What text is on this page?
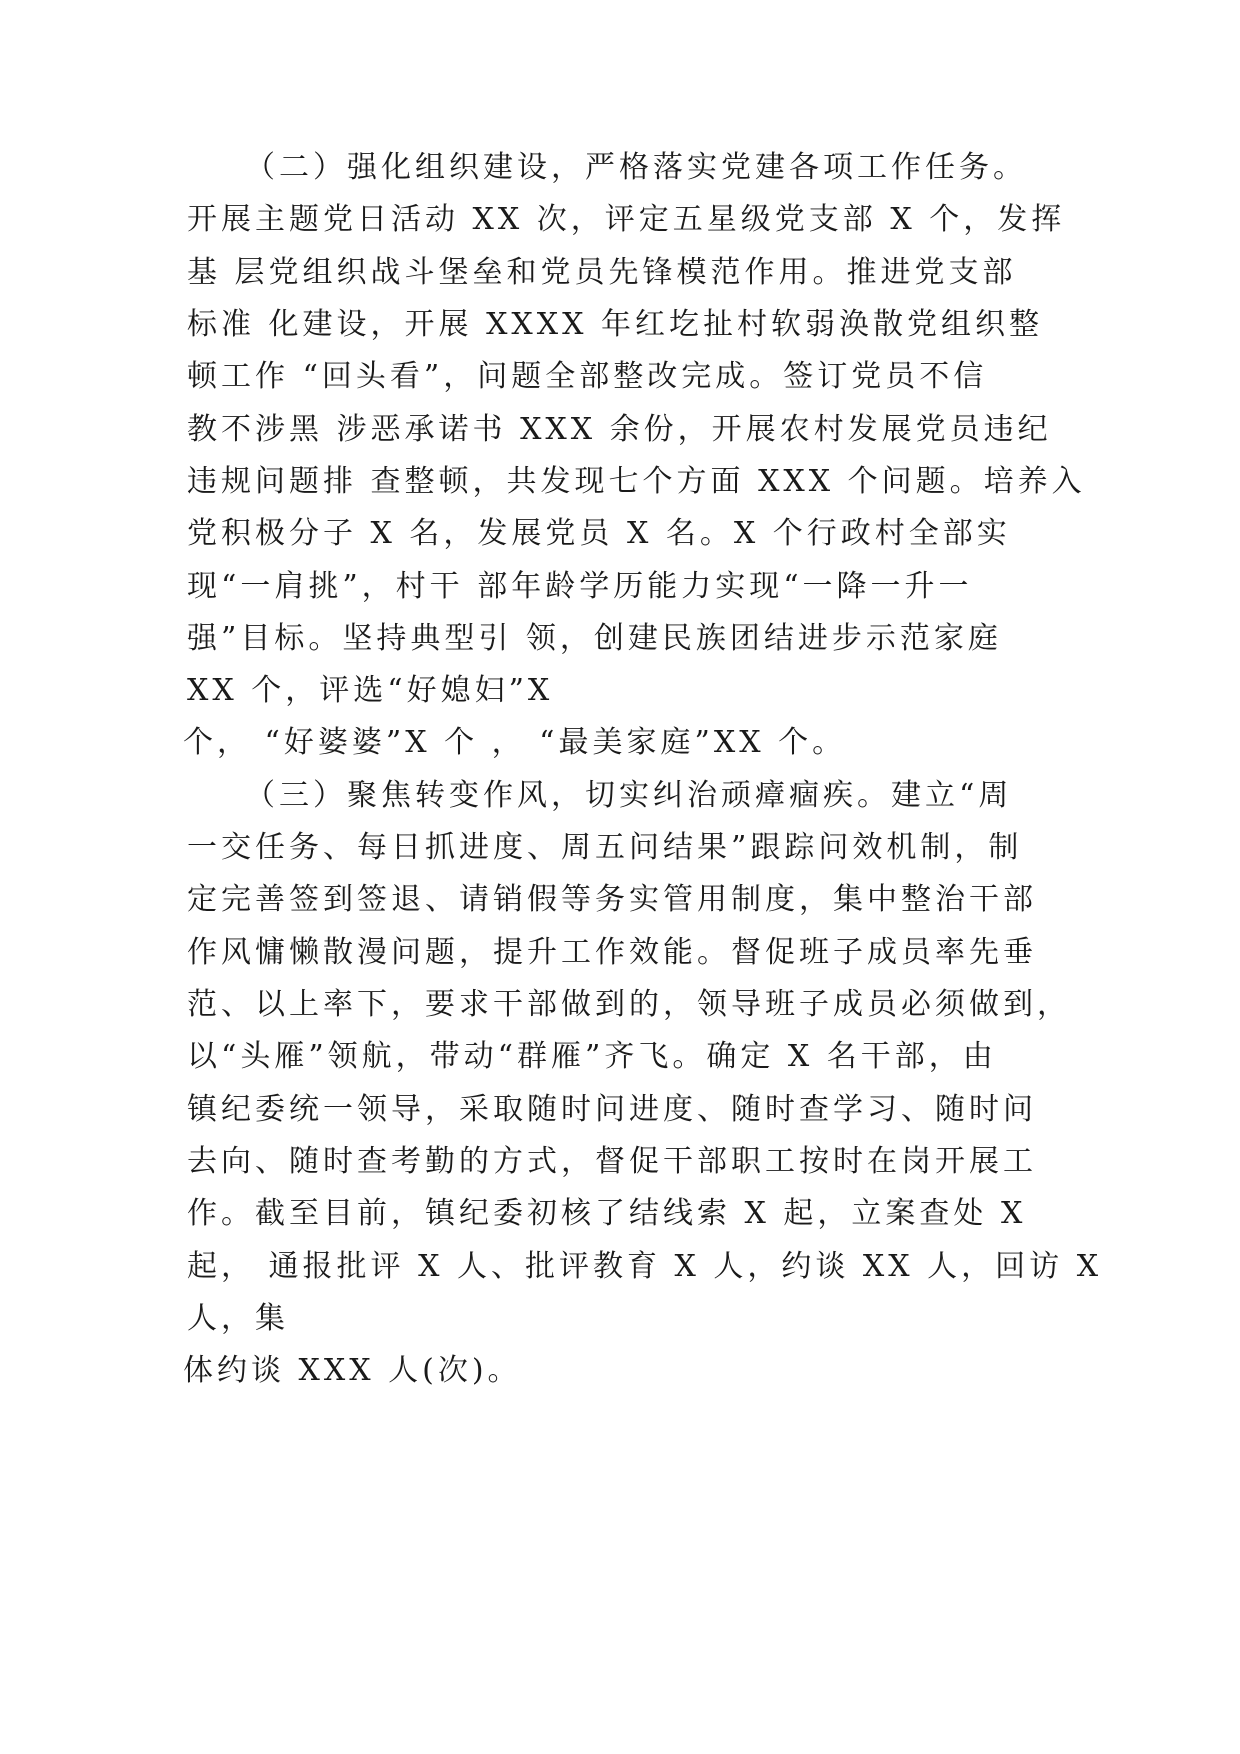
（二）强化组织建设，严格落实党建各项工作任务。
开展主题党日活动 XX 次，评定五星级党支部 X 个，发挥
基 层党组织战斗堡垒和党员先锋模范作用。推进党支部
标准 化建设，开展 XXXX 年红圪扯村软弱涣散党组织整
顿工作 “回头看”，问题全部整改完成。签订党员不信
教不涉黑 涉恶承诺书 XXX 余份，开展农村发展党员违纪
违规问题排 查整顿，共发现七个方面 XXX 个问题。培养入
党积极分子 X 名，发展党员 X 名。X 个行政村全部实
现“一肩挑”，村干 部年龄学历能力实现“一降一升一
强”目标。坚持典型引 领，创建民族团结进步示范家庭
XX 个，评选“好媳妇”X
个， “好婆婆”X 个 ， “最美家庭”XX 个。
（三）聚焦转变作风，切实纠治顽瘴痼疾。建立“周
一交任务、每日抓进度、周五问结果”跟踪问效机制，制
定完善签到签退、请销假等务实管用制度，集中整治干部
作风慵懒散漫问题，提升工作效能。督促班子成员率先垂
范、以上率下，要求干部做到的，领导班子成员必须做到，
以“头雁”领航，带动“群雁”齐飞。确定 X 名干部，由
镇纪委统一领导，采取随时问进度、随时查学习、随时问
去向、随时查考勤的方式，督促干部职工按时在岗开展工
作。截至目前，镇纪委初核了结线索 X 起，立案查处 X
起， 通报批评 X 人、批评教育 X 人，约谈 XX 人，回访 X
人，集
体约谈 XXX 人(次)。
